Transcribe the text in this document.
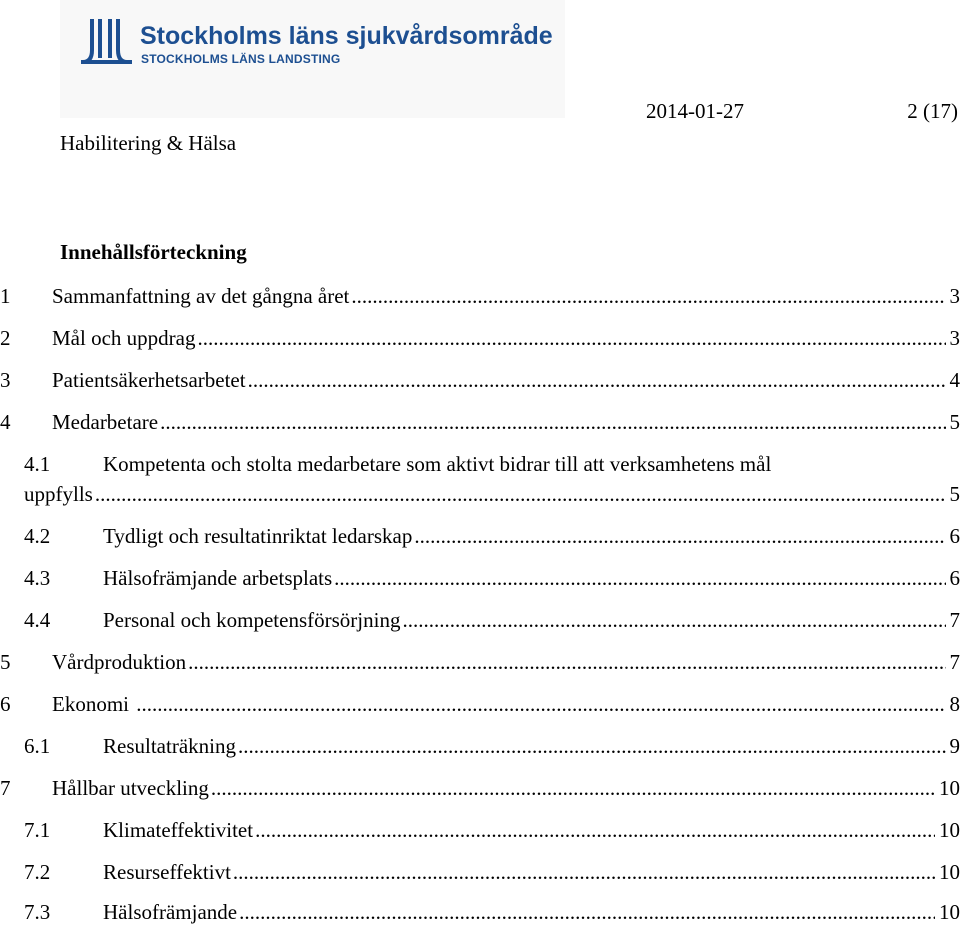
Stockholms läns sjukvårdsområde
STOCKHOLMS LÄNS LANDSTING
Habilitering & Hälsa
2014-01-27	2 (17)
Innehållsförteckning
1 Sammanfattning av det gångna året .....	3
2 Mål och uppdrag .....	3
3 Patientsäkerhetsarbetet .....	4
4 Medarbetare .....	5
4.1	Kompetenta och stolta medarbetare som aktivt bidrar till att verksamhetens mål
uppfylls .....	5
4.2	Tydligt och resultatinriktat ledarskap .....	6
4.3	Hälsofrämjande arbetsplats .....	6
4.4	Personal och kompetensförsörjning .....	7
5 Vårdproduktion .....	7
6 Ekonomi .....	8
6.1	Resultaträkning .....	9
7 Hållbar utveckling .....	10
7.1	Klimateffektivitet .....	10
7.2	Resurseffektivt .....	10
7.3	Hälsofrämjande .....	10
